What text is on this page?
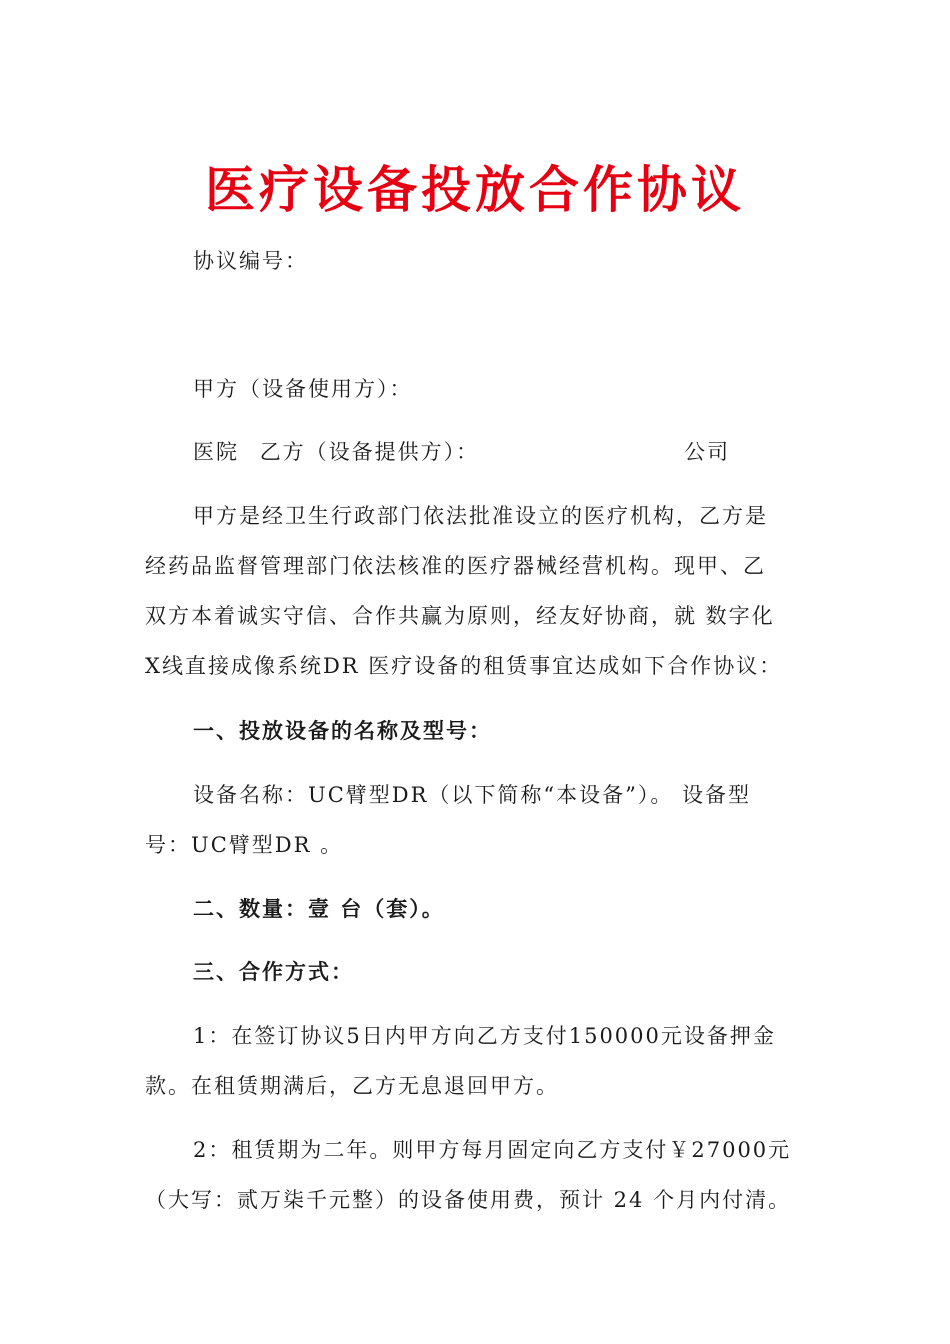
医疗设备投放合作协议
协议编号：
甲方（设备使用方）：
医院 乙方（设备提供方）：	公司
甲方是经卫生行政部门依法批准设立的医疗机构，乙方是
经药品监督管理部门依法核准的医疗器械经营机构。现甲、乙
双方本着诚实守信、合作共赢为原则，经友好协商，就 数字化
X线直接成像系统DR 医疗设备的租赁事宜达成如下合作协议：
一、投放设备的名称及型号：
设备名称：UC臂型DR（以下简称“本设备”）。 设备型
号：UC臂型DR 。
二、数量：壹 台（套）。
三、合作方式：
1：在签订协议5日内甲方向乙方支付150000元设备押金
款。在租赁期满后，乙方无息退回甲方。
2：租赁期为二年。则甲方每月固定向乙方支付￥27000元
（大写：贰万柒千元整）的设备使用费，预计 24 个月内付清。
